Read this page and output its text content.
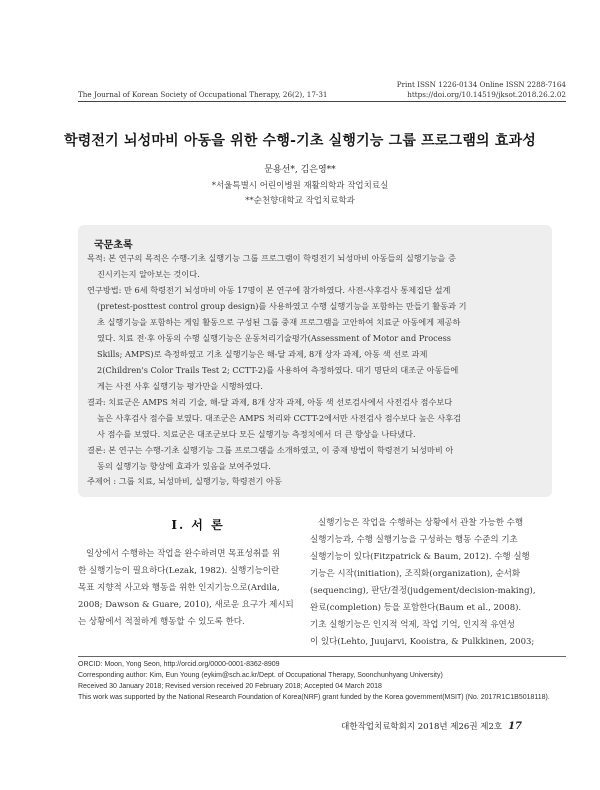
Print ISSN 1226-0134 Online ISSN 2288-7164
https://doi.org/10.14519/jksot.2018.26.2.02
The Journal of Korean Society of Occupational Therapy, 26(2), 17-31
학령전기 뇌성마비 아동을 위한 수행-기초 실행기능 그룹 프로그램의 효과성
문용선*, 김은영**
*서울특별시 어린이병원 재활의학과 작업치료실
**순천향대학교 작업치료학과
국문초록
목적: 본 연구의 목적은 수행-기초 실행기능 그룹 프로그램이 학령전기 뇌성마비 아동들의 실행기능을 증
진시키는지 알아보는 것이다.
연구방법: 만 6세 학령전기 뇌성마비 아동 17명이 본 연구에 참가하였다. 사전-사후검사 통제집단 설계
(pretest-posttest control group design)를 사용하였고 수행 실행기능을 포함하는 만들기 활동과 기
초 실행기능을 포함하는 게임 활동으로 구성된 그룹 중재 프로그램을 고안하여 치료군 아동에게 제공하
였다. 치료 전·후 아동의 수행 실행기능은 운동처리기술평가(Assessment of Motor and Process
Skills; AMPS)로 측정하였고 기초 실행기능은 해-달 과제, 8개 상자 과제, 아동 색 선로 과제
2(Children's Color Trails Test 2; CCTT-2)를 사용하여 측정하였다. 대기 명단의 대조군 아동들에
게는 사전 사후 실행기능 평가만을 시행하였다.
결과: 치료군은 AMPS 처리 기술, 해-달 과제, 8개 상자 과제, 아동 색 선로검사에서 사전검사 점수보다
높은 사후검사 점수를 보였다. 대조군은 AMPS 처리와 CCTT-2에서만 사전검사 점수보다 높은 사후검
사 점수를 보였다. 치료군은 대조군보다 모든 실행기능 측정치에서 더 큰 향상을 나타냈다.
결론: 본 연구는 수행-기초 실행기능 그룹 프로그램을 소개하였고, 이 중재 방법이 학령전기 뇌성마비 아
동의 실행기능 향상에 효과가 있음을 보여주었다.
주제어 : 그룹 치료, 뇌성마비, 실행기능, 학령전기 아동
Ⅰ. 서 론
일상에서 수행하는 작업을 완수하려면 목표성취를 위
한 실행기능이 필요하다(Lezak, 1982). 실행기능이란
목표 지향적 사고와 행동을 위한 인지기능으로(Ardila,
2008; Dawson & Guare, 2010), 새로운 요구가 제시되
는 상황에서 적절하게 행동할 수 있도록 한다.
실행기능은 작업을 수행하는 상황에서 관찰 가능한 수행
실행기능과, 수행 실행기능을 구성하는 행동 수준의 기초
실행기능이 있다(Fitzpatrick & Baum, 2012). 수행 실행
기능은 시작(initiation), 조직화(organization), 순서화
(sequencing), 판단/결정(judgement/decision-making),
완료(completion) 등을 포함한다(Baum et al., 2008).
기초 실행기능은 인지적 억제, 작업 기억, 인지적 유연성
이 있다(Lehto, Juujarvi, Kooistra, & Pulkkinen, 2003;
ORCID: Moon, Yong Seon, http://orcid.org/0000-0001-8362-8909
Corresponding author: Kim, Eun Young (eykim@sch.ac.kr/Dept. of Occupational Therapy, Soonchunhyang University)
Received 30 January 2018; Revised version received 20 February 2018; Accepted 04 March 2018
This work was supported by the National Research Foundation of Korea(NRF) grant funded by the Korea government(MSIT) (No. 2017R1C1B5018118).
대한작업치료학회지 2018년 제26권 제2호 17
